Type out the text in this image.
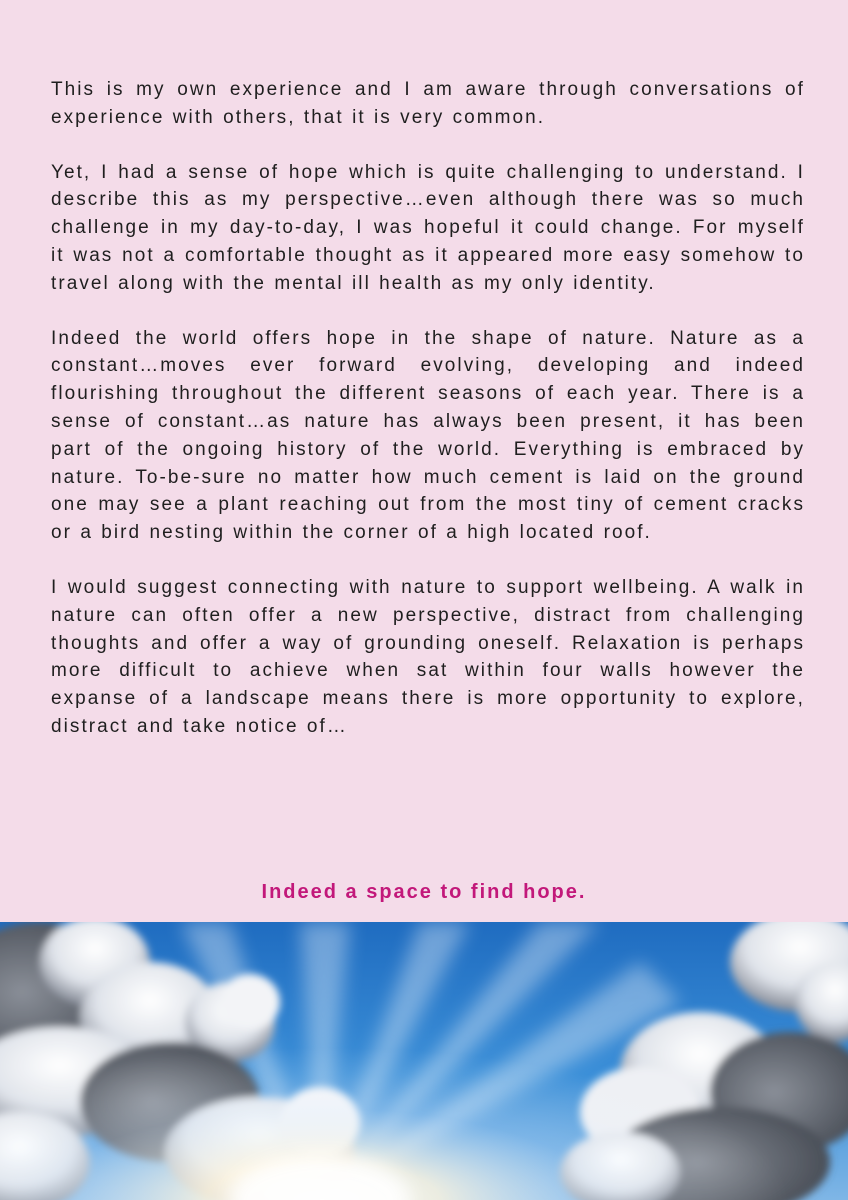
This is my own experience and I am aware through conversations of experience with others, that it is very common.

Yet, I had a sense of hope which is quite challenging to understand. I describe this as my perspective…even although there was so much challenge in my day-to-day, I was hopeful it could change. For myself it was not a comfortable thought as it appeared more easy somehow to travel along with the mental ill health as my only identity.

Indeed the world offers hope in the shape of nature. Nature as a constant…moves ever forward evolving, developing and indeed flourishing throughout the different seasons of each year. There is a sense of constant…as nature has always been present, it has been part of the ongoing history of the world. Everything is embraced by nature. To-be-sure no matter how much cement is laid on the ground one may see a plant reaching out from the most tiny of cement cracks or a bird nesting within the corner of a high located roof.

I would suggest connecting with nature to support wellbeing. A walk in nature can often offer a new perspective, distract from challenging thoughts and offer a way of grounding oneself. Relaxation is perhaps more difficult to achieve when sat within four walls however the expanse of a landscape means there is more opportunity to explore, distract and take notice of…

Indeed a space to find hope.
